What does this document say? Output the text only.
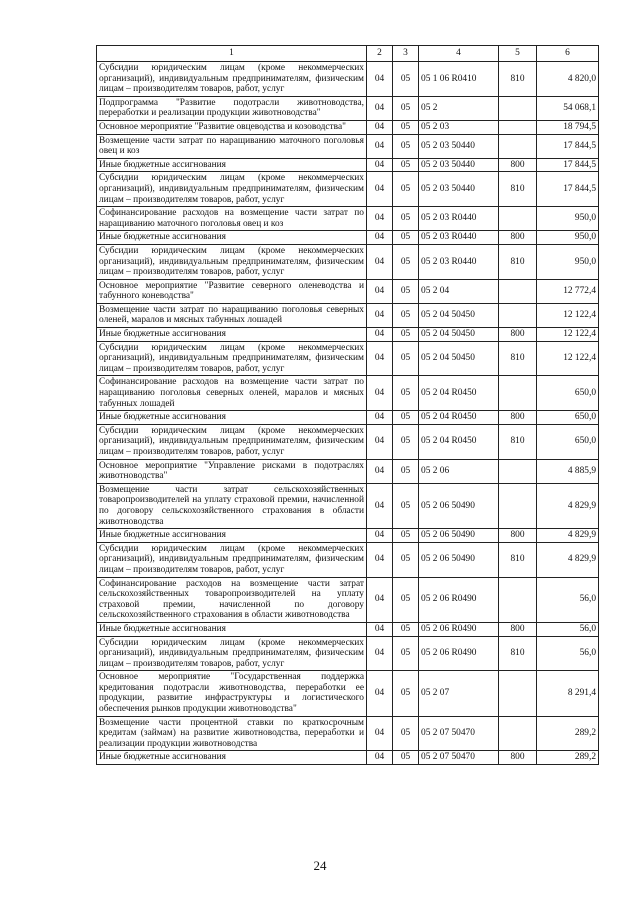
1	2	3	4	5	6
Субсидии юридическим лицам (кроме некоммерческих организаций), индивидуальным предпринимателям, физическим лицам – производителям товаров, работ, услуг	04	05	05 1 06 R0410	810	4 820,0
Подпрограмма "Развитие подотрасли животноводства, переработки и реализации продукции животноводства"	04	05	05 2		54 068,1
Основное мероприятие "Развитие овцеводства и козоводства"	04	05	05 2 03		18 794,5
Возмещение части затрат по наращиванию маточного поголовья овец и коз	04	05	05 2 03 50440		17 844,5
Иные бюджетные ассигнования	04	05	05 2 03 50440	800	17 844,5
Субсидии юридическим лицам (кроме некоммерческих организаций), индивидуальным предпринимателям, физическим лицам – производителям товаров, работ, услуг	04	05	05 2 03 50440	810	17 844,5
Софинансирование расходов на возмещение части затрат по наращиванию маточного поголовья овец и коз	04	05	05 2 03 R0440		950,0
Иные бюджетные ассигнования	04	05	05 2 03 R0440	800	950,0
Субсидии юридическим лицам (кроме некоммерческих организаций), индивидуальным предпринимателям, физическим лицам – производителям товаров, работ, услуг	04	05	05 2 03 R0440	810	950,0
Основное мероприятие "Развитие северного оленеводства и табунного коневодства"	04	05	05 2 04		12 772,4
Возмещение части затрат по наращиванию поголовья северных оленей, маралов и мясных табунных лошадей	04	05	05 2 04 50450		12 122,4
Иные бюджетные ассигнования	04	05	05 2 04 50450	800	12 122,4
Субсидии юридическим лицам (кроме некоммерческих организаций), индивидуальным предпринимателям, физическим лицам – производителям товаров, работ, услуг	04	05	05 2 04 50450	810	12 122,4
Софинансирование расходов на возмещение части затрат по наращиванию поголовья северных оленей, маралов и мясных табунных лошадей	04	05	05 2 04 R0450		650,0
Иные бюджетные ассигнования	04	05	05 2 04 R0450	800	650,0
Субсидии юридическим лицам (кроме некоммерческих организаций), индивидуальным предпринимателям, физическим лицам – производителям товаров, работ, услуг	04	05	05 2 04 R0450	810	650,0
Основное мероприятие "Управление рисками в подотраслях животноводства"	04	05	05 2 06		4 885,9
Возмещение части затрат сельскохозяйственных товаропроизводителей на уплату страховой премии, начисленной по договору сельскохозяйственного страхования в области животноводства	04	05	05 2 06 50490		4 829,9
Иные бюджетные ассигнования	04	05	05 2 06 50490	800	4 829,9
Субсидии юридическим лицам (кроме некоммерческих организаций), индивидуальным предпринимателям, физическим лицам – производителям товаров, работ, услуг	04	05	05 2 06 50490	810	4 829,9
Софинансирование расходов на возмещение части затрат сельскохозяйственных товаропроизводителей на уплату страховой премии, начисленной по договору сельскохозяйственного страхования в области животноводства	04	05	05 2 06 R0490		56,0
Иные бюджетные ассигнования	04	05	05 2 06 R0490	800	56,0
Субсидии юридическим лицам (кроме некоммерческих организаций), индивидуальным предпринимателям, физическим лицам – производителям товаров, работ, услуг	04	05	05 2 06 R0490	810	56,0
Основное мероприятие "Государственная поддержка кредитования подотрасли животноводства, переработки ее продукции, развитие инфраструктуры и логистического обеспечения рынков продукции животноводства"	04	05	05 2 07		8 291,4
Возмещение части процентной ставки по краткосрочным кредитам (займам) на развитие животноводства, переработки и реализации продукции животноводства	04	05	05 2 07 50470		289,2
Иные бюджетные ассигнования	04	05	05 2 07 50470	800	289,2
24
